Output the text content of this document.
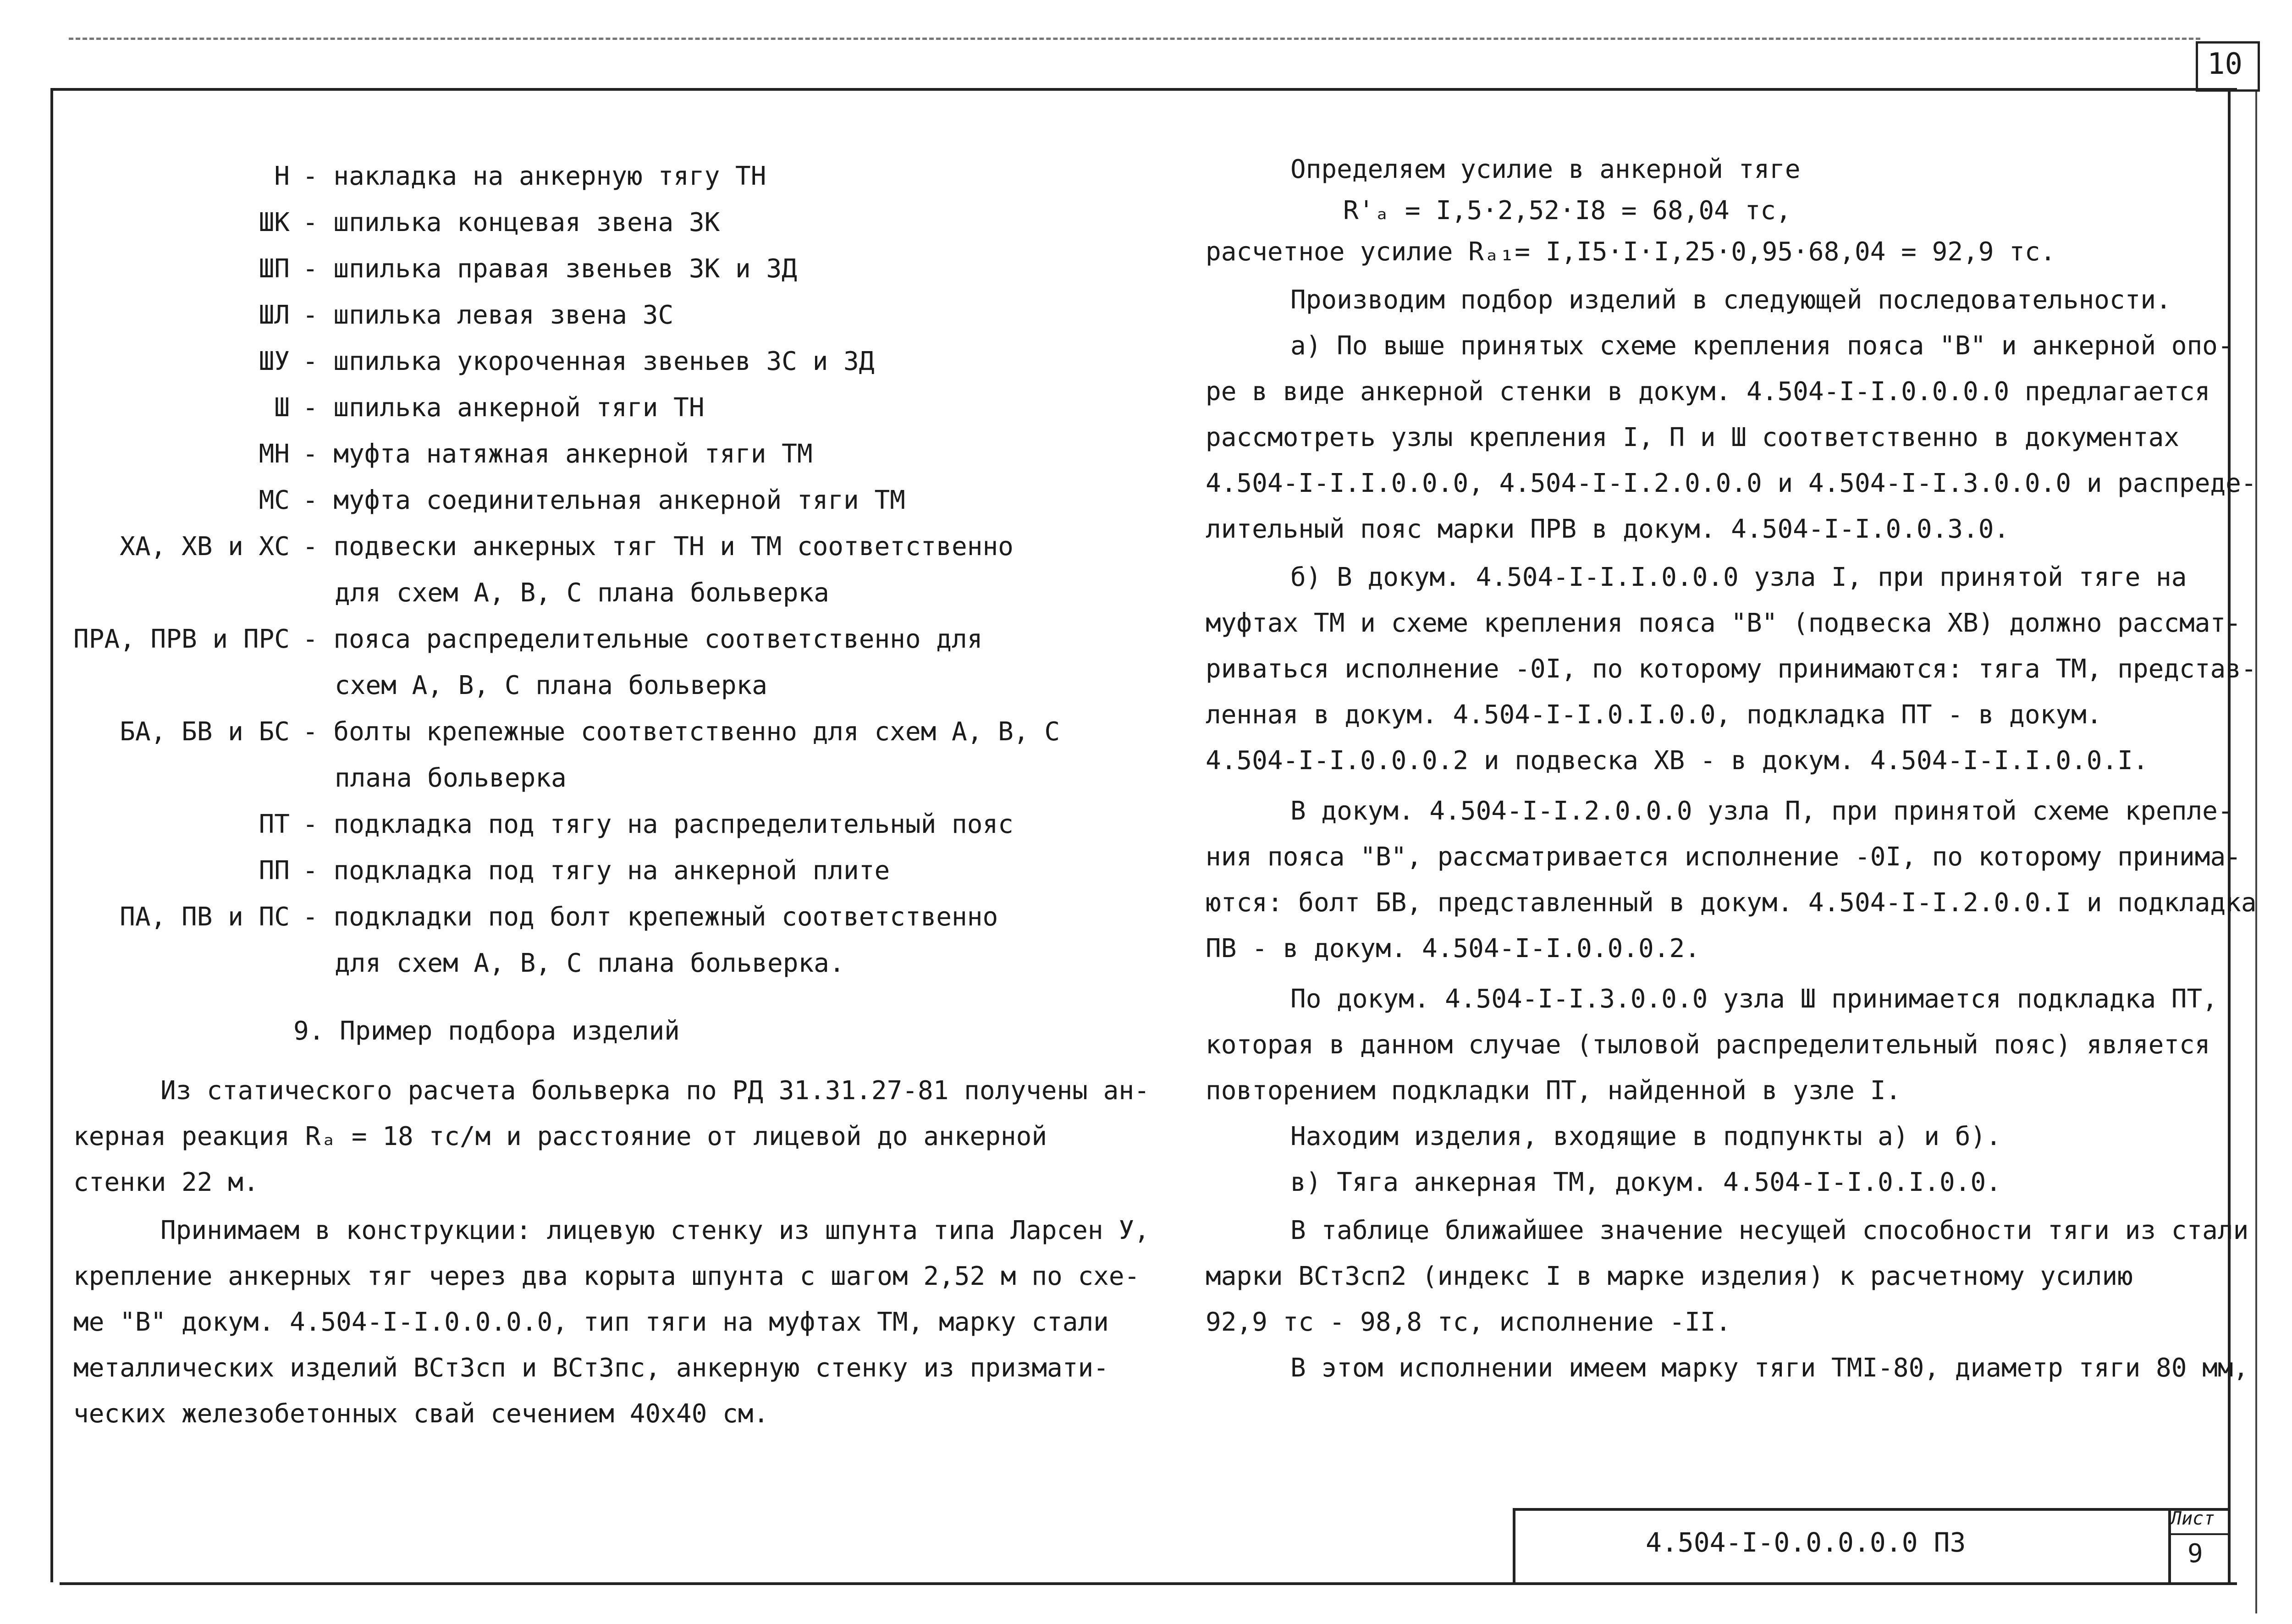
10
Н - накладка на анкерную тягу ТН
ШК - шпилька концевая звена ЗК
ШП - шпилька правая звеньев ЗК и ЗД
ШЛ - шпилька левая звена ЗС
ШУ - шпилька укороченная звеньев ЗС и ЗД
Ш - шпилька анкерной тяги ТН
МН - муфта натяжная анкерной тяги ТМ
МС - муфта соединительная анкерной тяги ТМ
ХА, ХВ и ХС - подвески анкерных тяг ТН и ТМ соответственно
для схем А, В, С плана больверка
ПРА, ПРВ и ПРС - пояса распределительные соответственно для
схем А, В, С плана больверка
БА, БВ и БС - болты крепежные соответственно для схем А, В, С
плана больверка
ПТ - подкладка под тягу на распределительный пояс
ПП - подкладка под тягу на анкерной плите
ПА, ПВ и ПС - подкладки под болт крепежный соответственно
для схем А, В, С плана больверка.
9. Пример подбора изделий
Из статического расчета больверка по РД 31.31.27-81 получены ан-
керная реакция Rₐ = 18 тс/м и расстояние от лицевой до анкерной
стенки 22 м.
Принимаем в конструкции: лицевую стенку из шпунта типа Ларсен У,
крепление анкерных тяг через два корыта шпунта с шагом 2,52 м по схе-
ме "В" докум. 4.504-I-I.0.0.0.0, тип тяги на муфтах ТМ, марку стали
металлических изделий ВСт3сп и ВСт3пс, анкерную стенку из призмати-
ческих железобетонных свай сечением 40х40 см.
Определяем усилие в анкерной тяге
R'ₐ = I,5·2,52·I8 = 68,04 тс,
расчетное усилие Rₐ₁= I,I5·I·I,25·0,95·68,04 = 92,9 тс.
Производим подбор изделий в следующей последовательности.
а) По выше принятых схеме крепления пояса "В" и анкерной опо-
ре в виде анкерной стенки в докум. 4.504-I-I.0.0.0.0 предлагается
рассмотреть узлы крепления I, П и Ш соответственно в документах
4.504-I-I.I.0.0.0, 4.504-I-I.2.0.0.0 и 4.504-I-I.3.0.0.0 и распреде-
лительный пояс марки ПРВ в докум. 4.504-I-I.0.0.3.0.
б) В докум. 4.504-I-I.I.0.0.0 узла I, при принятой тяге на
муфтах ТМ и схеме крепления пояса "В" (подвеска ХВ) должно рассмат-
риваться исполнение -0I, по которому принимаются: тяга ТМ, представ-
ленная в докум. 4.504-I-I.0.I.0.0, подкладка ПТ - в докум.
4.504-I-I.0.0.0.2 и подвеска ХВ - в докум. 4.504-I-I.I.0.0.I.
В докум. 4.504-I-I.2.0.0.0 узла П, при принятой схеме крепле-
ния пояса "В", рассматривается исполнение -0I, по которому принима-
ются: болт БВ, представленный в докум. 4.504-I-I.2.0.0.I и подкладка
ПВ - в докум. 4.504-I-I.0.0.0.2.
По докум. 4.504-I-I.3.0.0.0 узла Ш принимается подкладка ПТ,
которая в данном случае (тыловой распределительный пояс) является
повторением подкладки ПТ, найденной в узле I.
Находим изделия, входящие в подпункты а) и б).
в) Тяга анкерная ТМ, докум. 4.504-I-I.0.I.0.0.
В таблице ближайшее значение несущей способности тяги из стали
марки ВСт3сп2 (индекс I в марке изделия) к расчетному усилию
92,9 тс - 98,8 тс, исполнение -II.
В этом исполнении имеем марку тяги ТМI-80, диаметр тяги 80 мм,
4.504-I-0.0.0.0.0 ПЗ
Лист
9
